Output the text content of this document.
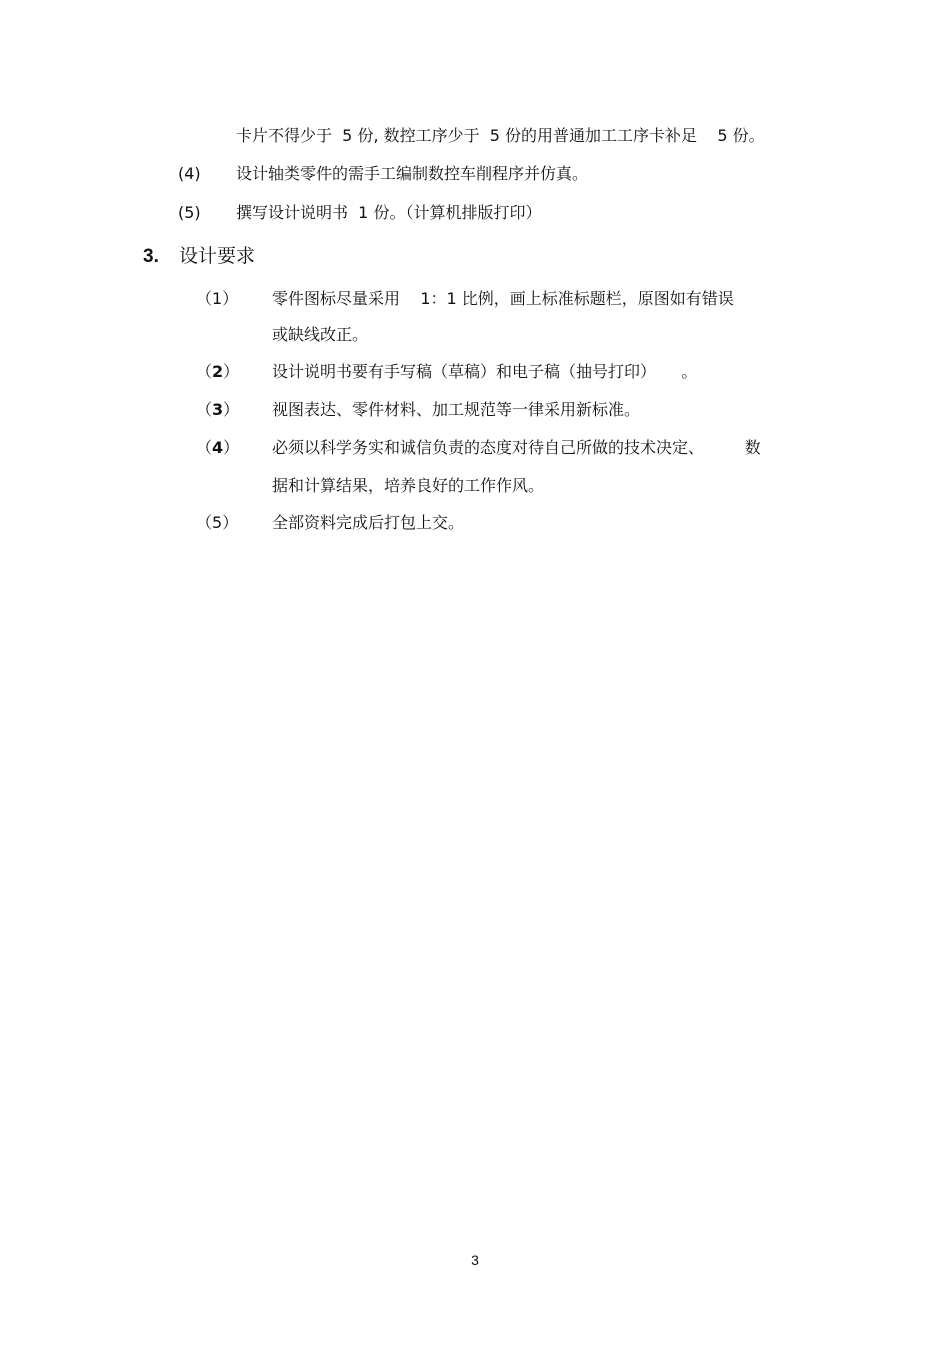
卡片不得少于  5 份, 数控工序少于  5 份的用普通加工工序卡补足    5 份。
(4) 设计轴类零件的需手工编制数控车削程序并仿真。
(5) 撰写设计说明书  1 份。（计算机排版打印）
3. 设计要求
（1） 零件图标尽量采用    1：1 比例，画上标准标题栏，原图如有错误
或缺线改正。
（2） 设计说明书要有手写稿（草稿）和电子稿（抽号打印）     。
（3） 视图表达、零件材料、加工规范等一律采用新标准。
（4） 必须以科学务实和诚信负责的态度对待自己所做的技术决定、        数
据和计算结果，培养良好的工作作风。
（5） 全部资料完成后打包上交。
3
